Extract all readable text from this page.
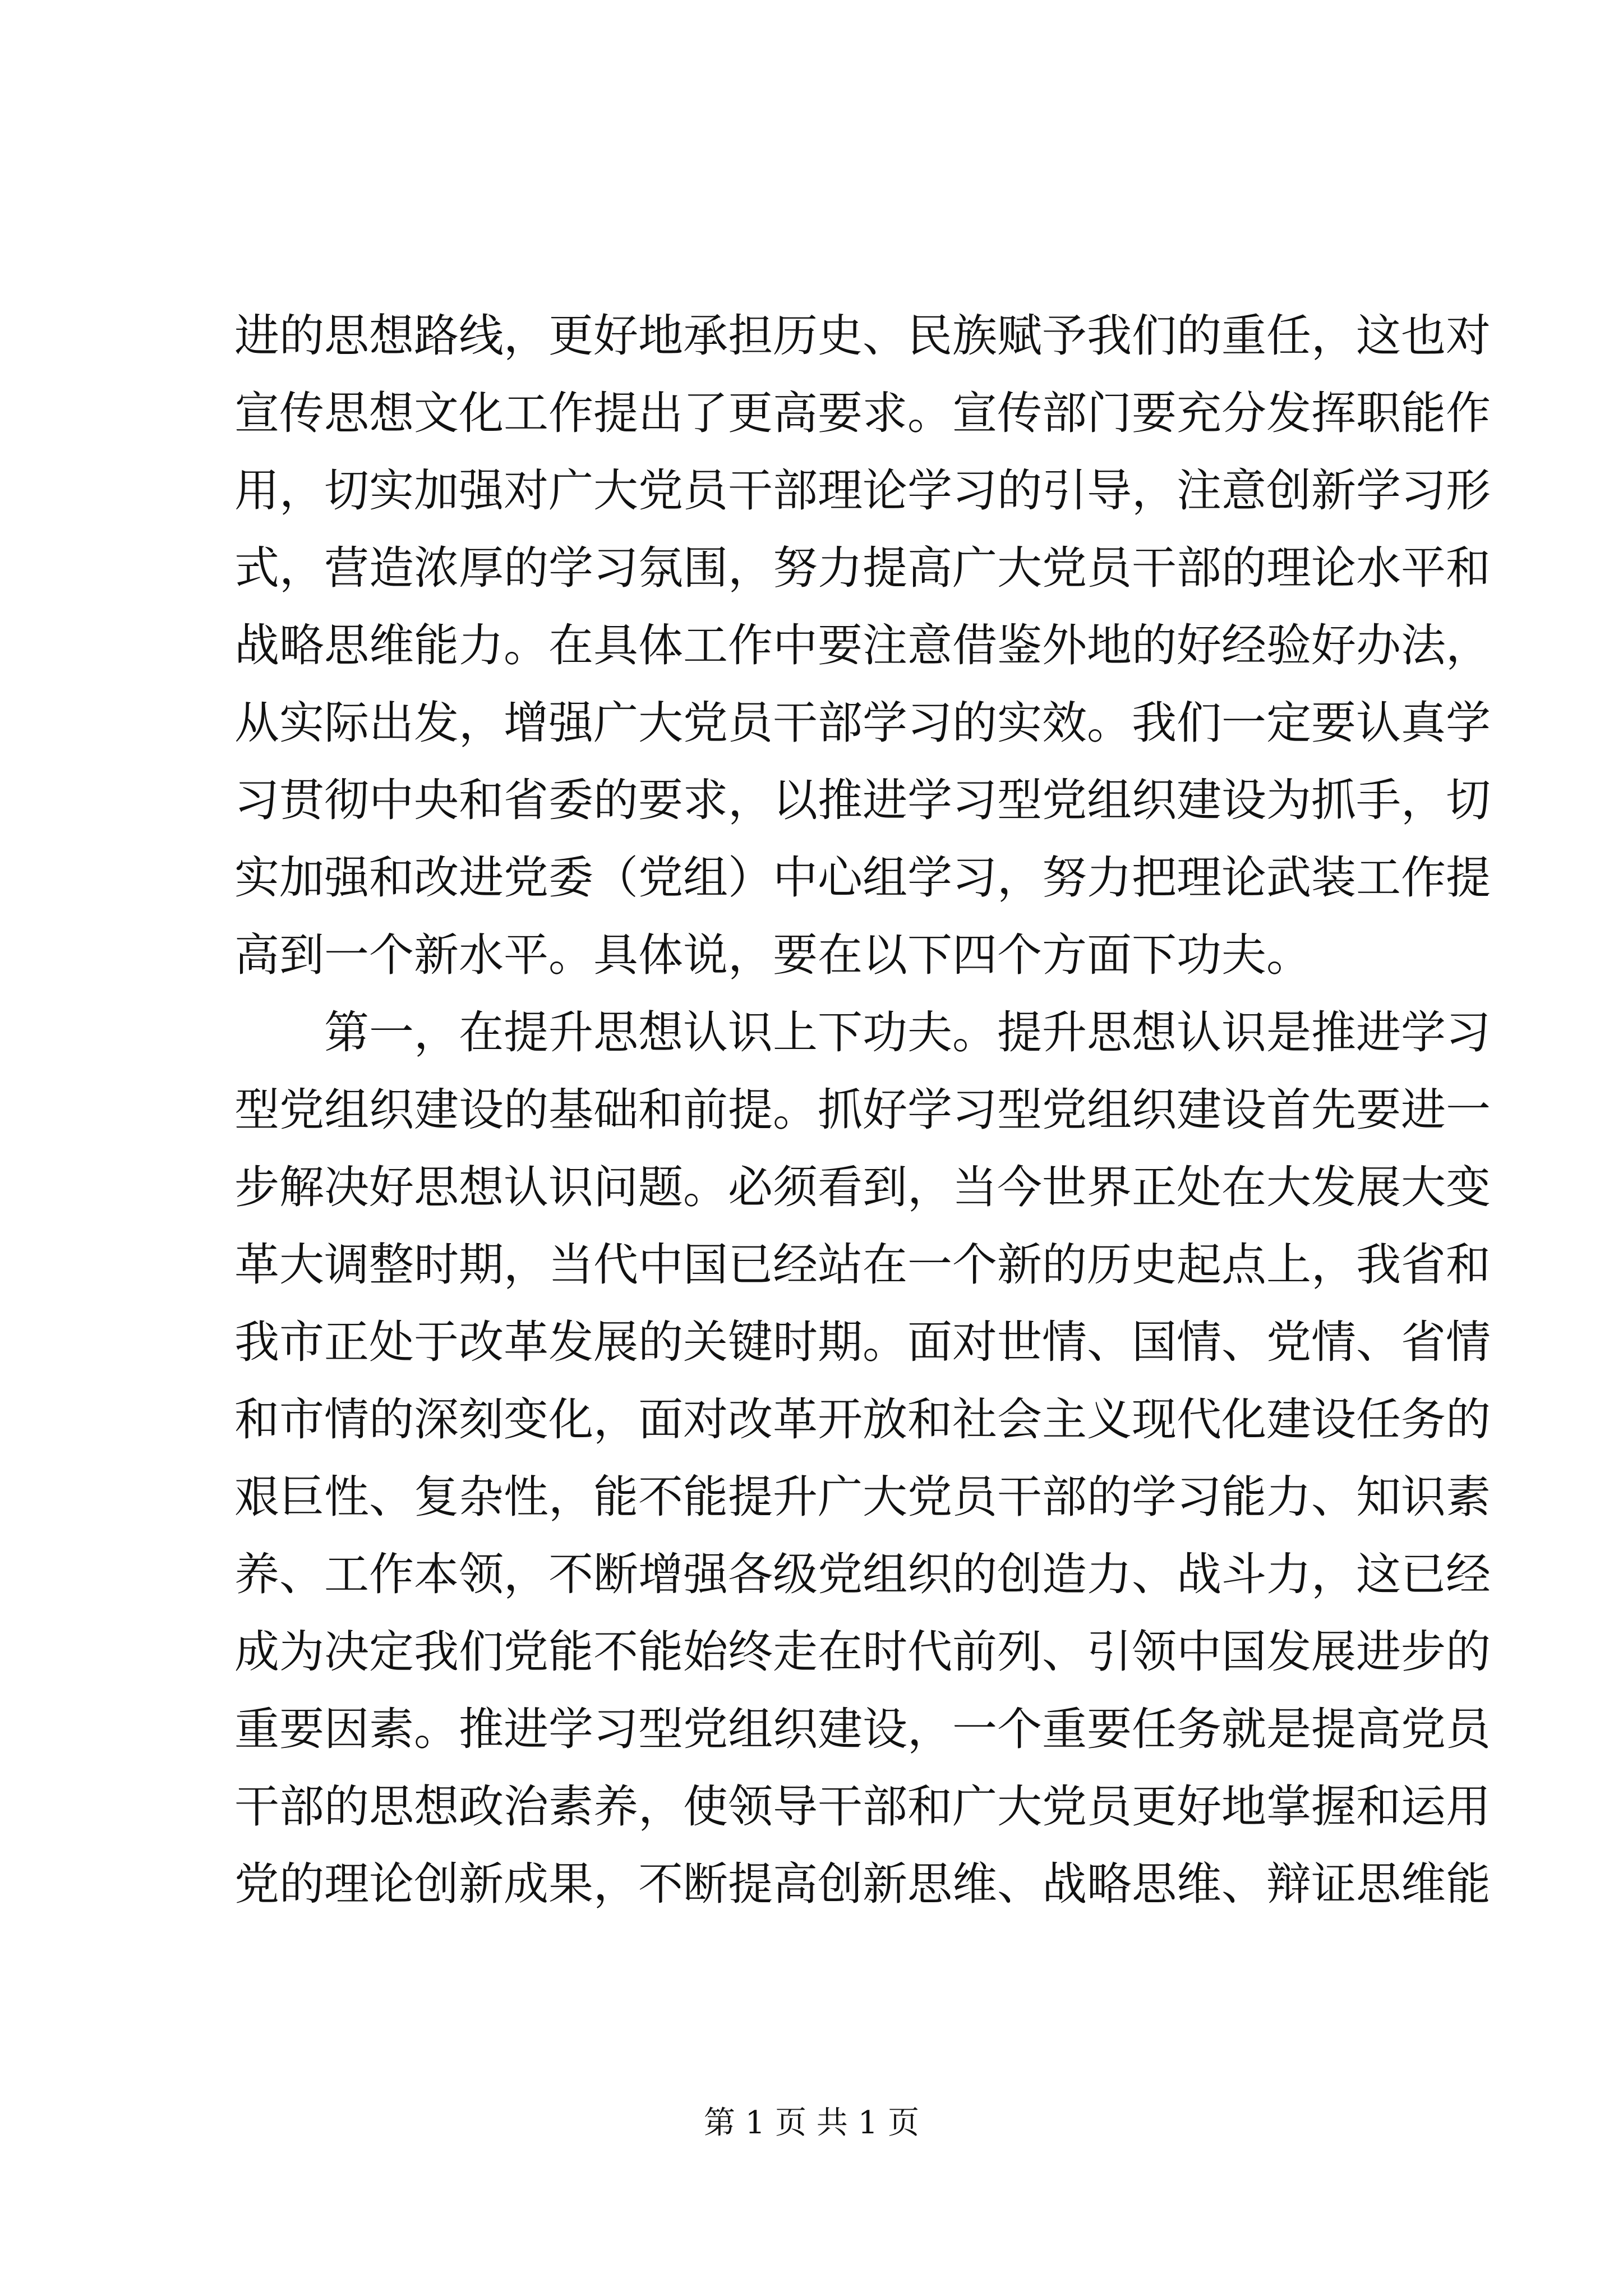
进的思想路线，更好地承担历史、民族赋予我们的重任，这也对
宣传思想文化工作提出了更高要求。宣传部门要充分发挥职能作
用，切实加强对广大党员干部理论学习的引导，注意创新学习形
式，营造浓厚的学习氛围，努力提高广大党员干部的理论水平和
战略思维能力。在具体工作中要注意借鉴外地的好经验好办法，
从实际出发，增强广大党员干部学习的实效。我们一定要认真学
习贯彻中央和省委的要求，以推进学习型党组织建设为抓手，切
实加强和改进党委（党组）中心组学习，努力把理论武装工作提
高到一个新水平。具体说，要在以下四个方面下功夫。
第一，在提升思想认识上下功夫。提升思想认识是推进学习
型党组织建设的基础和前提。抓好学习型党组织建设首先要进一
步解决好思想认识问题。必须看到，当今世界正处在大发展大变
革大调整时期，当代中国已经站在一个新的历史起点上，我省和
我市正处于改革发展的关键时期。面对世情、国情、党情、省情
和市情的深刻变化，面对改革开放和社会主义现代化建设任务的
艰巨性、复杂性，能不能提升广大党员干部的学习能力、知识素
养、工作本领，不断增强各级党组织的创造力、战斗力，这已经
成为决定我们党能不能始终走在时代前列、引领中国发展进步的
重要因素。推进学习型党组织建设，一个重要任务就是提高党员
干部的思想政治素养，使领导干部和广大党员更好地掌握和运用
党的理论创新成果，不断提高创新思维、战略思维、辩证思维能
第 1 页 共 1 页
